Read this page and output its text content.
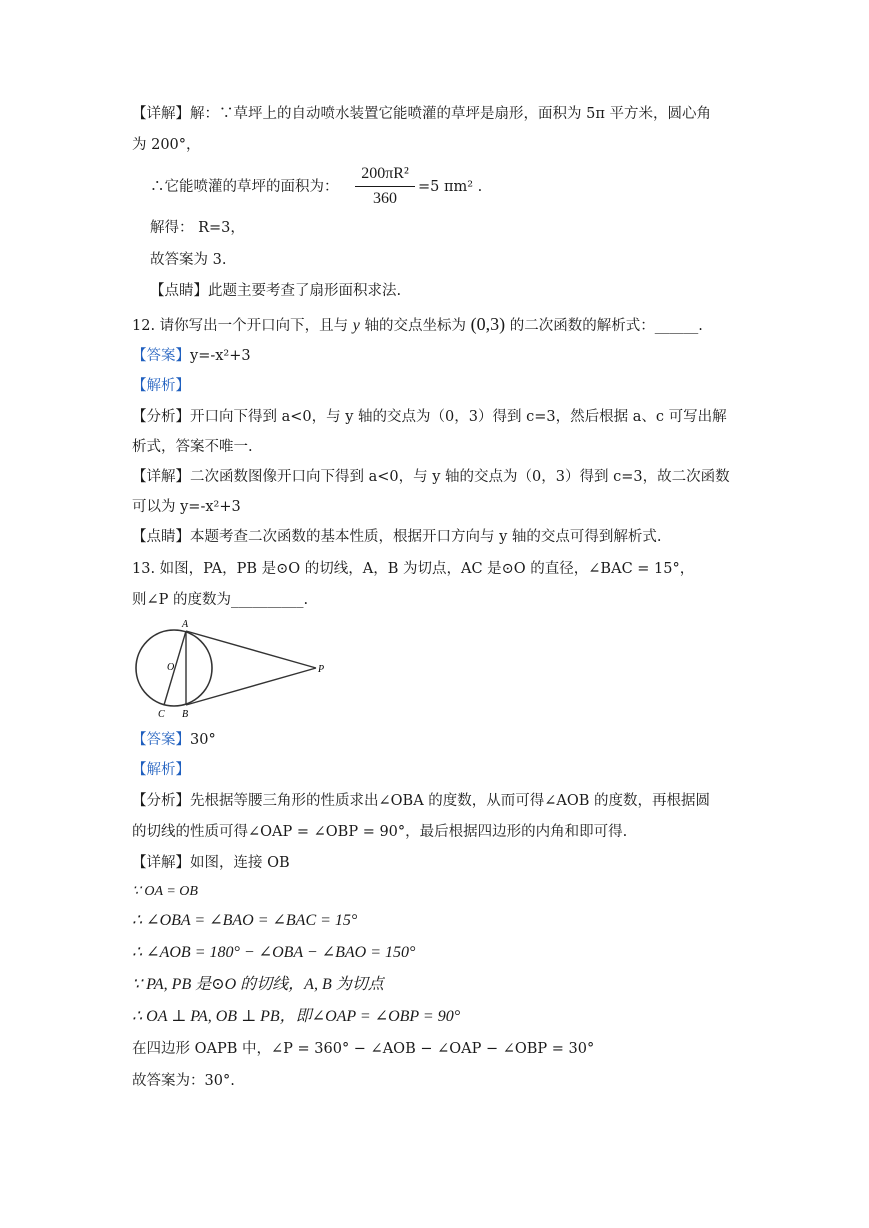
【详解】解：∵草坪上的自动喷水装置它能喷灌的草坪是扇形，面积为 5π 平方米，圆心角
为 200°，
∴它能喷灌的草坪的面积为： $\frac{\text{200πR²}}{360} =5$ πm² .
解得： R=3，
故答案为 3.
【点睛】此题主要考查了扇形面积求法.
12. 请你写出一个开口向下，且与 y 轴的交点坐标为 (0,3) 的二次函数的解析式：______.
【答案】y=-x²+3
【解析】
【分析】开口向下得到 a<0，与 y 轴的交点为（0，3）得到 c=3，然后根据 a、c 可写出解
析式，答案不唯一.
【详解】二次函数图像开口向下得到 a<0，与 y 轴的交点为（0，3）得到 c=3，故二次函数
可以为 y=-x²+3
【点睛】本题考查二次函数的基本性质，根据开口方向与 y 轴的交点可得到解析式.
13. 如图，PA，PB 是⊙O 的切线，A，B 为切点，AC 是⊙O 的直径，∠BAC = 15°，
则∠P 的度数为__________.
A
O	P
C B
【答案】30°
【解析】
【分析】先根据等腰三角形的性质求出∠OBA 的度数，从而可得∠AOB 的度数，再根据圆
的切线的性质可得∠OAP = ∠OBP = 90°，最后根据四边形的内角和即可得.
【详解】如图，连接 OB
∵ OA = OB
∴ ∠OBA = ∠BAO = ∠BAC = 15°
∴ ∠AOB = 180° − ∠OBA − ∠BAO = 150°
∵ PA, PB 是⊙O 的切线，A, B 为切点
∴ OA ⊥ PA, OB ⊥ PB，即∠OAP = ∠OBP = 90°
在四边形 OAPB 中，∠P = 360° − ∠AOB − ∠OAP − ∠OBP = 30°
故答案为：30°.
